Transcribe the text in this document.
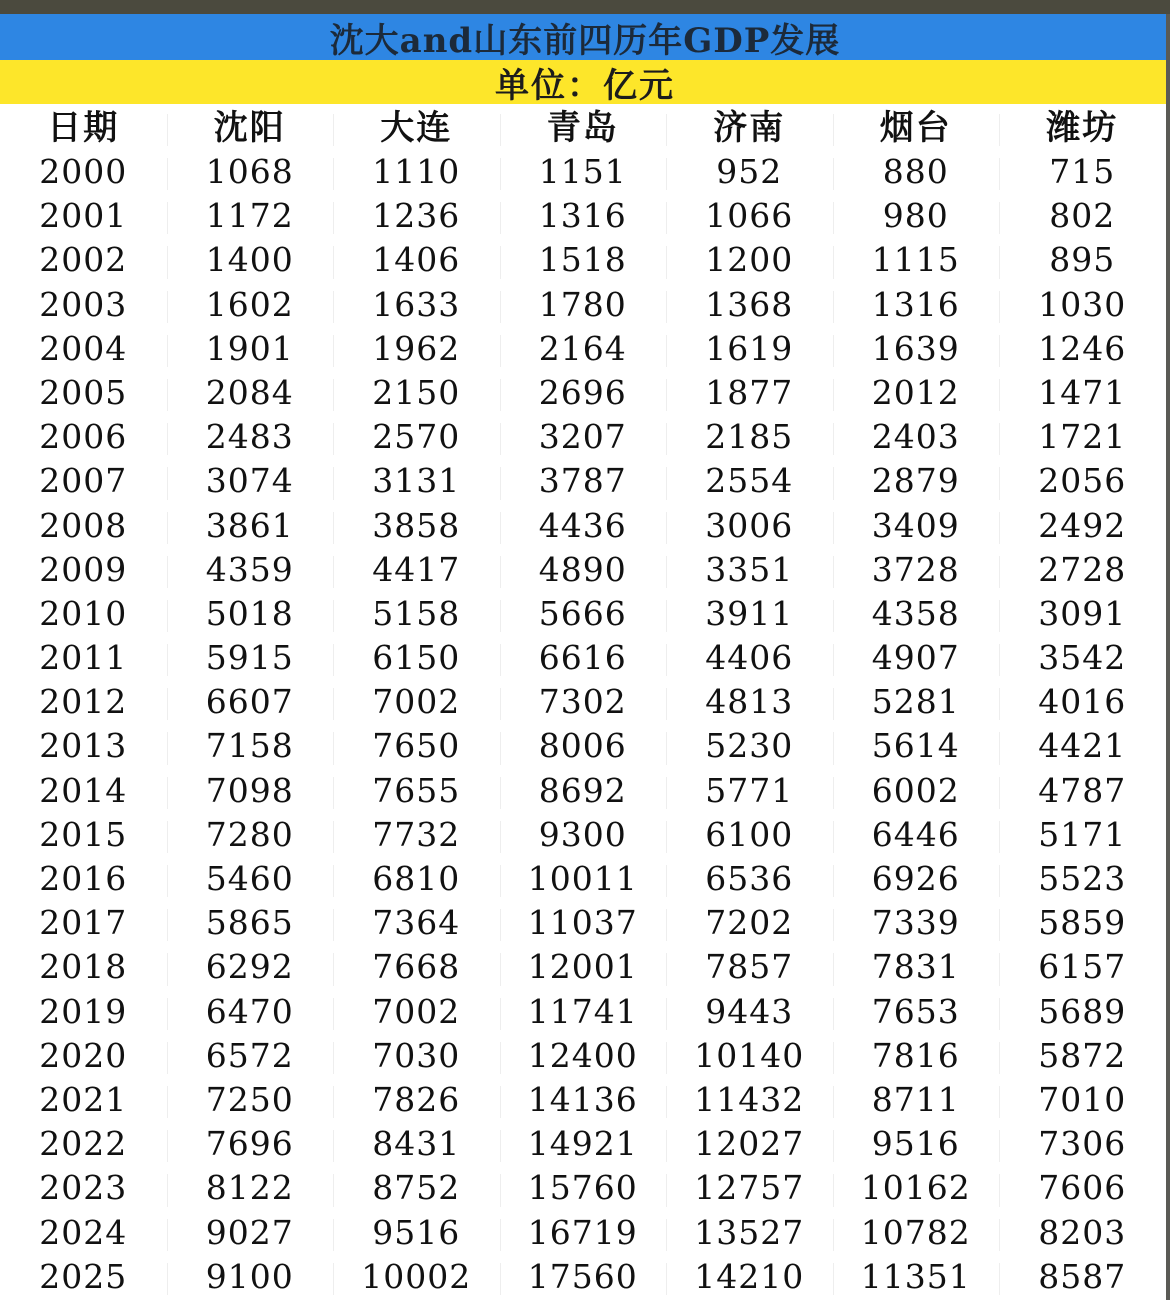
沈大and山东前四历年GDP发展
单位：亿元
日期	沈阳	大连	青岛	济南	烟台	潍坊
2000	1068	1110	1151	952	880	715
2001	1172	1236	1316	1066	980	802
2002	1400	1406	1518	1200	1115	895
2003	1602	1633	1780	1368	1316	1030
2004	1901	1962	2164	1619	1639	1246
2005	2084	2150	2696	1877	2012	1471
2006	2483	2570	3207	2185	2403	1721
2007	3074	3131	3787	2554	2879	2056
2008	3861	3858	4436	3006	3409	2492
2009	4359	4417	4890	3351	3728	2728
2010	5018	5158	5666	3911	4358	3091
2011	5915	6150	6616	4406	4907	3542
2012	6607	7002	7302	4813	5281	4016
2013	7158	7650	8006	5230	5614	4421
2014	7098	7655	8692	5771	6002	4787
2015	7280	7732	9300	6100	6446	5171
2016	5460	6810	10011	6536	6926	5523
2017	5865	7364	11037	7202	7339	5859
2018	6292	7668	12001	7857	7831	6157
2019	6470	7002	11741	9443	7653	5689
2020	6572	7030	12400	10140	7816	5872
2021	7250	7826	14136	11432	8711	7010
2022	7696	8431	14921	12027	9516	7306
2023	8122	8752	15760	12757	10162	7606
2024	9027	9516	16719	13527	10782	8203
2025	9100	10002	17560	14210	11351	8587
